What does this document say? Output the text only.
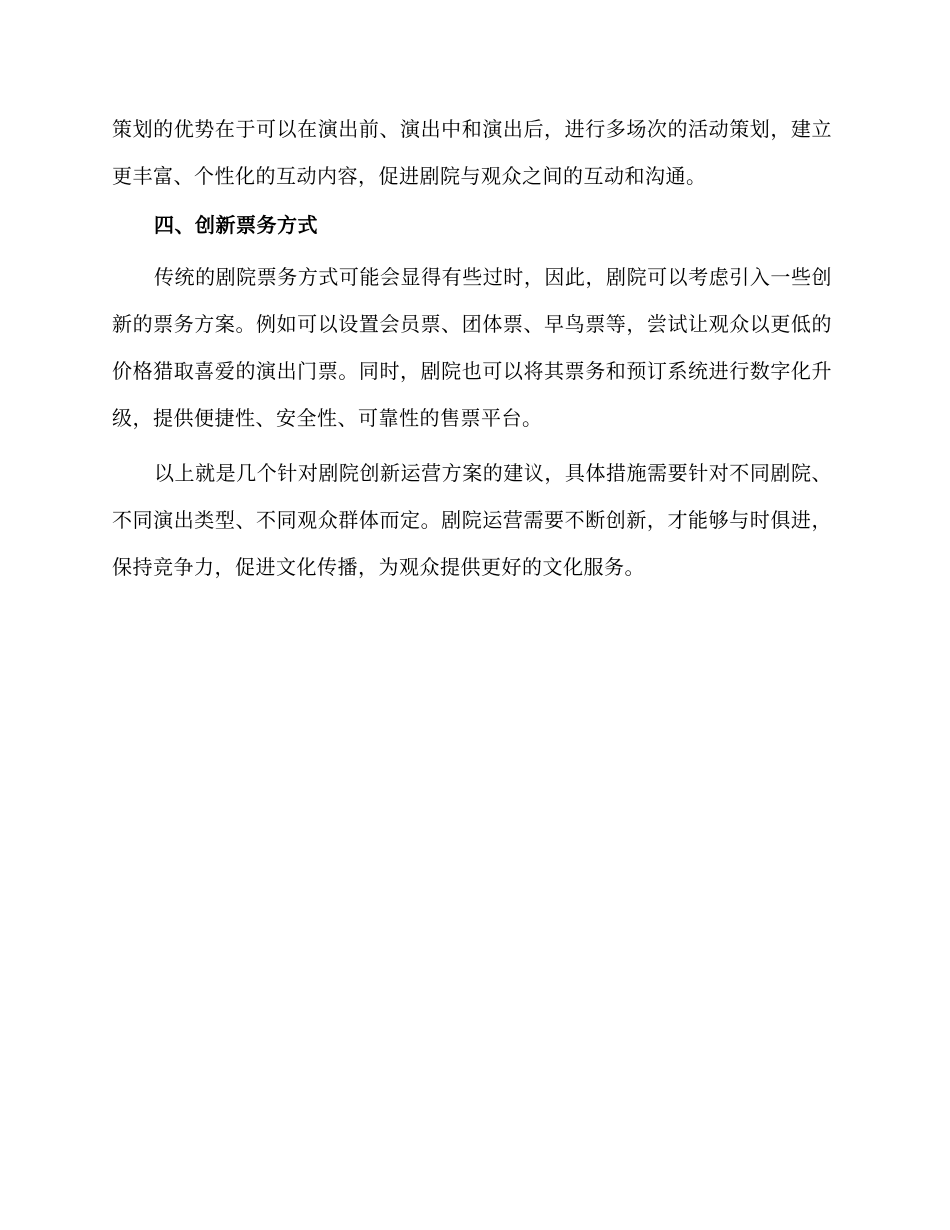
策划的优势在于可以在演出前、演出中和演出后，进行多场次的活动策划，建立更丰富、个性化的互动内容，促进剧院与观众之间的互动和沟通。

四、创新票务方式

传统的剧院票务方式可能会显得有些过时，因此，剧院可以考虑引入一些创新的票务方案。例如可以设置会员票、团体票、早鸟票等，尝试让观众以更低的价格猎取喜爱的演出门票。同时，剧院也可以将其票务和预订系统进行数字化升级，提供便捷性、安全性、可靠性的售票平台。

以上就是几个针对剧院创新运营方案的建议，具体措施需要针对不同剧院、不同演出类型、不同观众群体而定。剧院运营需要不断创新，才能够与时俱进，保持竞争力，促进文化传播，为观众提供更好的文化服务。
